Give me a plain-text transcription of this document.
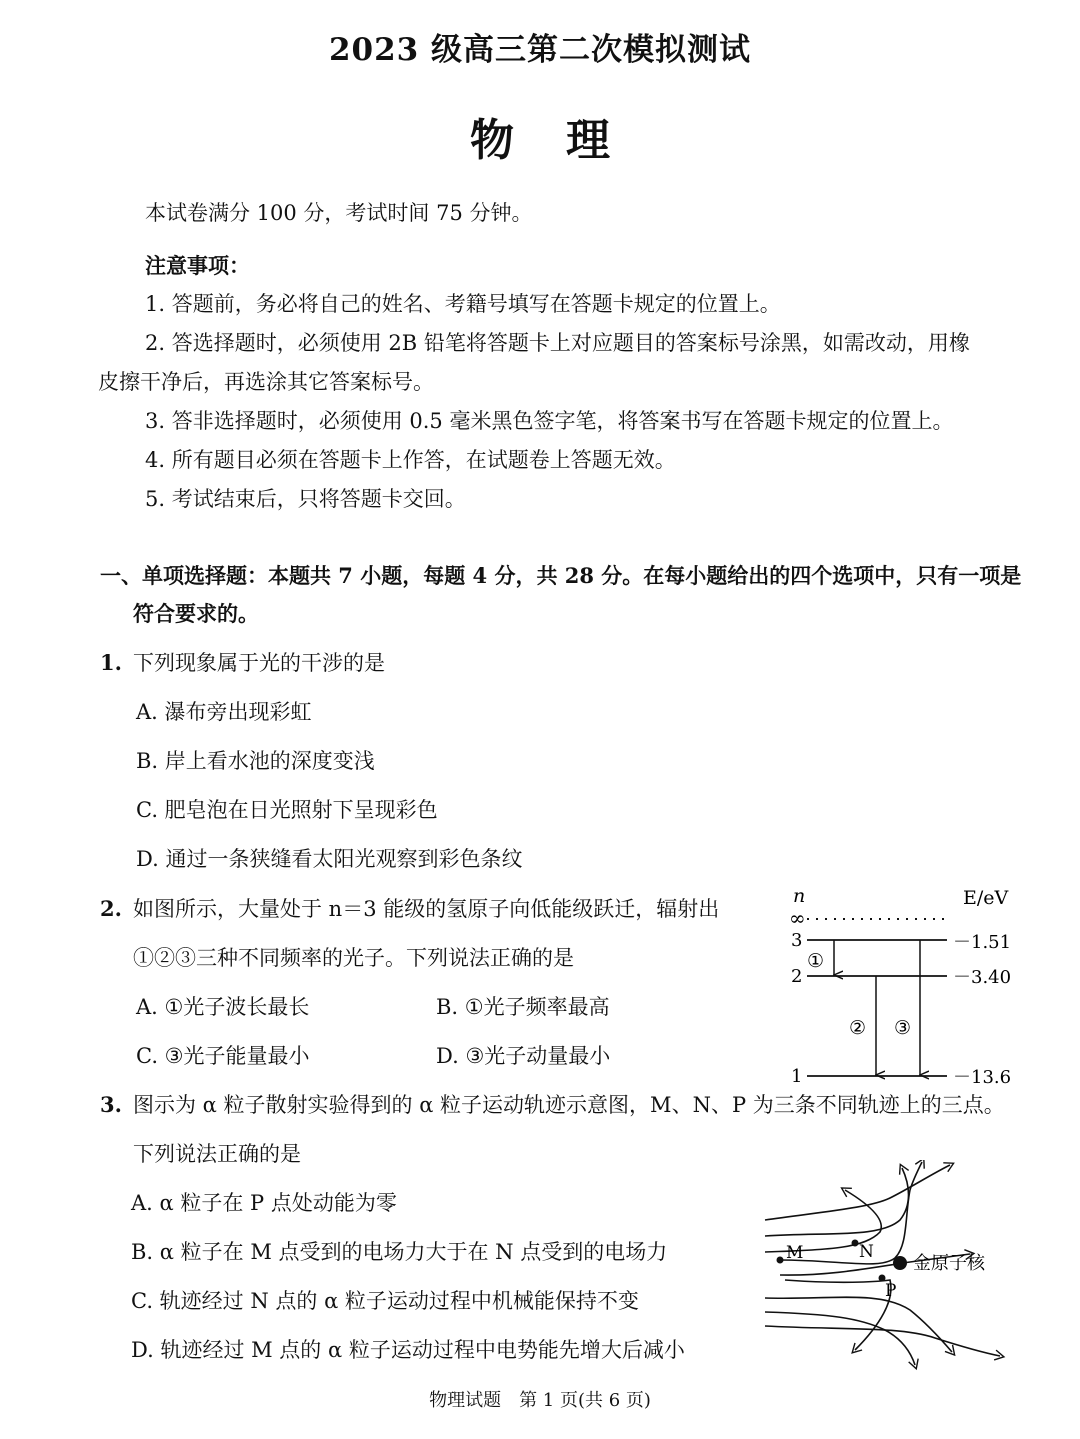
2023 级高三第二次模拟测试
物理
本试卷满分 100 分，考试时间 75 分钟。
注意事项：
1. 答题前，务必将自己的姓名、考籍号填写在答题卡规定的位置上。
2. 答选择题时，必须使用 2B 铅笔将答题卡上对应题目的答案标号涂黑，如需改动，用橡
皮擦干净后，再选涂其它答案标号。
3. 答非选择题时，必须使用 0.5 毫米黑色签字笔，将答案书写在答题卡规定的位置上。
4. 所有题目必须在答题卡上作答，在试题卷上答题无效。
5. 考试结束后，只将答题卡交回。
一、单项选择题：本题共 7 小题，每题 4 分，共 28 分。在每小题给出的四个选项中，只有一项是
符合要求的。
1. 下列现象属于光的干涉的是
A. 瀑布旁出现彩虹
B. 岸上看水池的深度变浅
C. 肥皂泡在日光照射下呈现彩色
D. 通过一条狭缝看太阳光观察到彩色条纹
2. 如图所示，大量处于 n＝3 能级的氢原子向低能级跃迁，辐射出
①②③三种不同频率的光子。下列说法正确的是
A. ①光子波长最长	B. ①光子频率最高
C. ③光子能量最小	D. ③光子动量最小
n	E/eV
∞
3	－1.51
2	－3.40
1	－13.6
①
② ③
3. 图示为 α 粒子散射实验得到的 α 粒子运动轨迹示意图，M、N、P 为三条不同轨迹上的三点。
下列说法正确的是
A. α 粒子在 P 点处动能为零
B. α 粒子在 M 点受到的电场力大于在 N 点受到的电场力
C. 轨迹经过 N 点的 α 粒子运动过程中机械能保持不变
D. 轨迹经过 M 点的 α 粒子运动过程中电势能先增大后减小
M	N
P
金原子核
物理试题　第 1 页(共 6 页)
